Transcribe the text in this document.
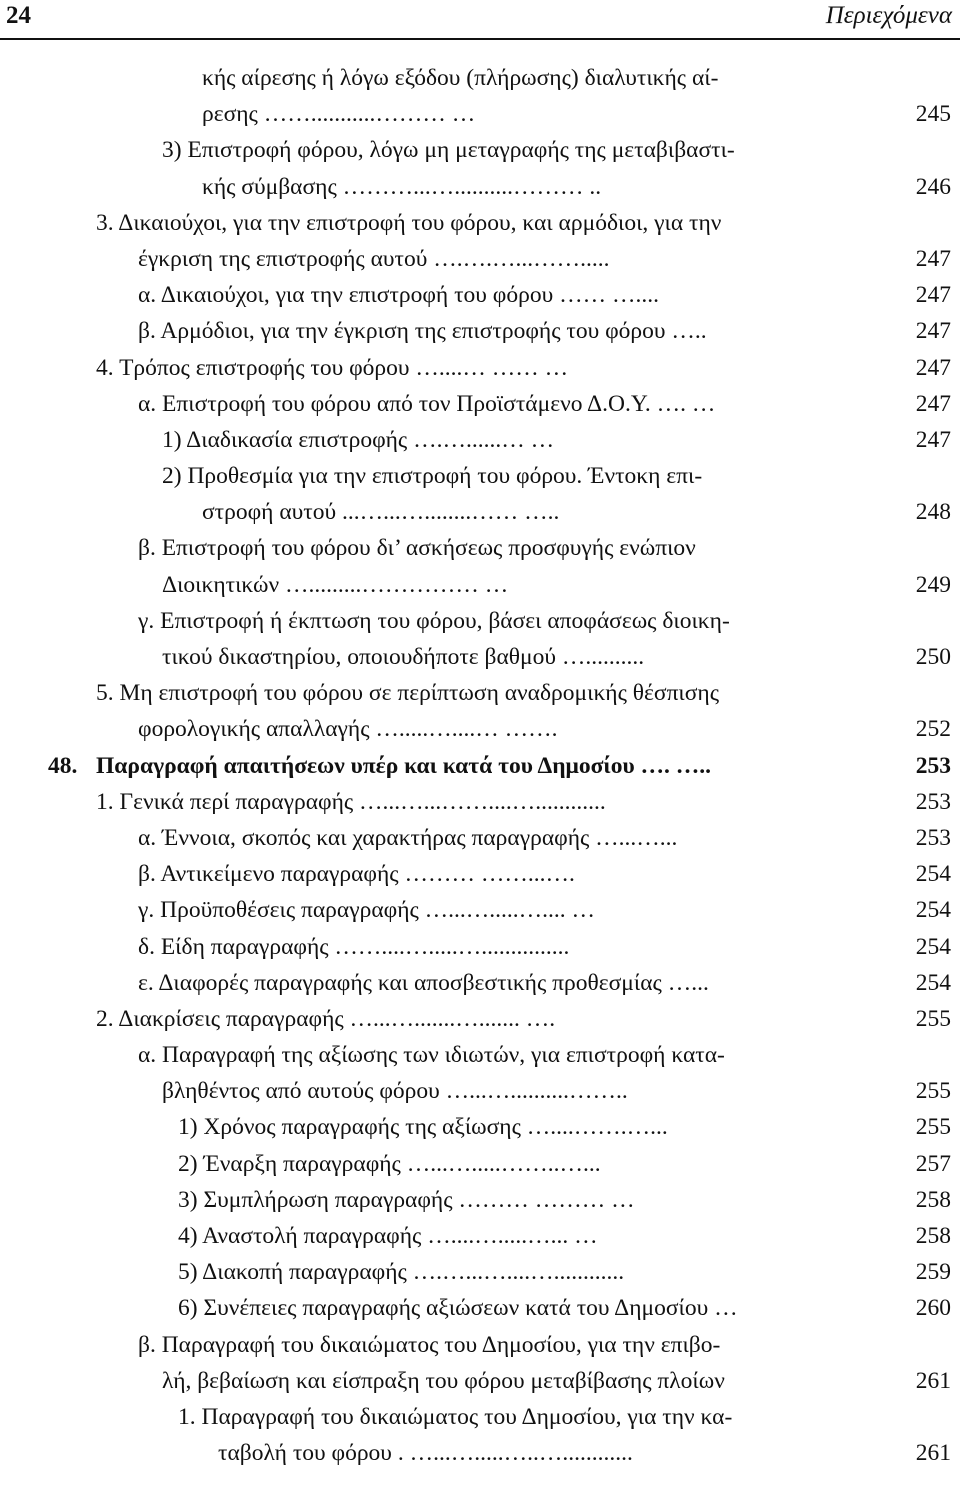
24	Περιεχόμενα
κής αίρεσης ή λόγω εξόδου (πλήρωσης) διαλυτικής αί-
ρεσης ……...........……… …	245
3) Επιστροφή φόρου, λόγω μη μεταγραφής της μεταβιβαστι-
κής σύμβασης ………...…..........……… ..	246
3. Δικαιούχοι, για την επιστροφή του φόρου, και αρμόδιοι, για την
έγκριση της επιστροφής αυτού ….….…...…….....	247
α. Δικαιούχοι, για την επιστροφή του φόρου …… …....	247
β. Αρμόδιοι, για την έγκριση της επιστροφής του φόρου …..	247
4. Τρόπος επιστροφής του φόρου …....… …… …	247
α. Επιστροφή του φόρου από τον Προϊστάμενο Δ.Ο.Υ. …. …	247
1) Διαδικασία επιστροφής ….…......… …	247
2) Προθεσμία για την επιστροφή του φόρου. Έντοκη επι-
στροφή αυτού ...…...…........…… …..	248
β. Επιστροφή του φόρου δι’ ασκήσεως προσφυγής ενώπιον
Διοικητικών ….........…………… …	249
γ. Επιστροφή ή έκπτωση του φόρου, βάσει αποφάσεως διοικη-
τικού δικαστηρίου, οποιουδήποτε βαθμού …..........	250
5. Μη επιστροφή του φόρου σε περίπτωση αναδρομικής θέσπισης
φορολογικής απαλλαγής ….....…....… …….	252
48. Παραγραφή απαιτήσεων υπέρ και κατά του Δημοσίου …. …..	253
1. Γενικά περί παραγραφής …...…...……....…............	253
α. Έννοια, σκοπός και χαρακτήρας παραγραφής …...…...	253
β. Αντικείμενο παραγραφής ……… ……...….	254
γ. Προϋποθέσεις παραγραφής …...….....….... …	254
δ. Είδη παραγραφής ……....….....…...............	254
ε. Διαφορές παραγραφής και αποσβεστικής προθεσμίας …...	254
2. Διακρίσεις παραγραφής …...….......…....... ….	255
α. Παραγραφή της αξίωσης των ιδιωτών, για επιστροφή κατα-
βληθέντος από αυτούς φόρου …...…..........……..	255
1) Χρόνος παραγραφής της αξίωσης …....…….…...	255
2) Έναρξη παραγραφής …...….....……..…...	257
3) Συμπλήρωση παραγραφής ……… ……… …	258
4) Αναστολή παραγραφής …....….....…... …	258
5) Διακοπή παραγραφής ….…...…....…............	259
6) Συνέπειες παραγραφής αξιώσεων κατά του Δημοσίου …	260
β. Παραγραφή του δικαιώματος του Δημοσίου, για την επιβο-
λή, βεβαίωση και είσπραξη του φόρου μεταβίβασης πλοίων	261
1. Παραγραφή του δικαιώματος του Δημοσίου, για την κα-
ταβολή του φόρου . …...….....…..…............	261
